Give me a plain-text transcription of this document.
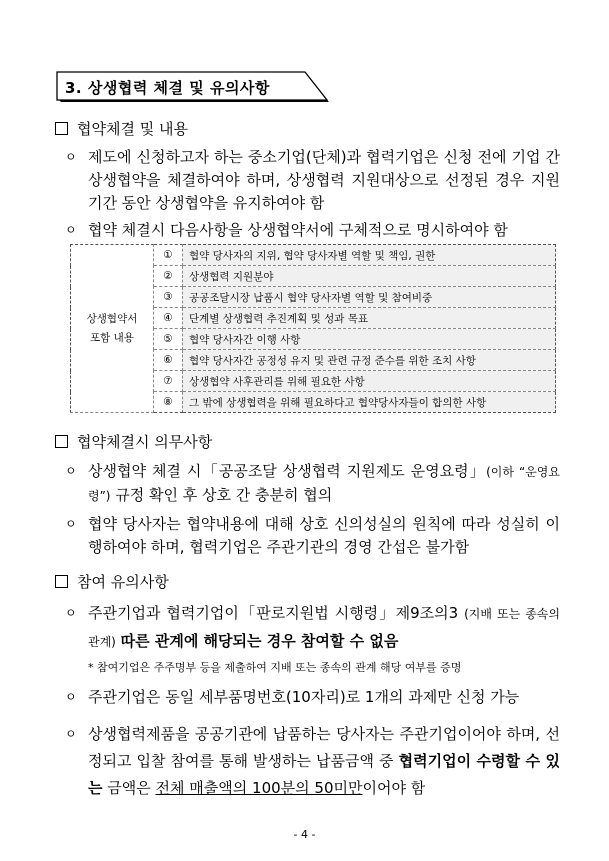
3. 상생협력 체결 및 유의사항
협약체결 및 내용
ㅇ 제도에 신청하고자 하는 중소기업(단체)과 협력기업은 신청 전에 기업 간 상생협약을 체결하여야 하며, 상생협력 지원대상으로 선정된 경우 지원기간 동안 상생협약을 유지하여야 함
ㅇ 협약 체결시 다음사항을 상생협약서에 구체적으로 명시하여야 함
상생협약서
포함 내용	①	협약 당사자의 지위, 협약 당사자별 역할 및 책임, 권한
	②	상생협력 지원분야
	③	공공조달시장 납품시 협약 당사자별 역할 및 참여비중
	④	단계별 상생협력 추진계획 및 성과 목표
	⑤	협약 당사자간 이행 사항
	⑥	협약 당사자간 공정성 유지 및 관련 규정 준수를 위한 조치 사항
	⑦	상생협약 사후관리를 위해 필요한 사항
	⑧	그 밖에 상생협력을 위해 필요하다고 협약당사자들이 합의한 사항
협약체결시 의무사항
ㅇ 상생협약 체결 시「공공조달 상생협력 지원제도 운영요령」(이하 “운영요령”) 규정 확인 후 상호 간 충분히 협의
ㅇ 협약 당사자는 협약내용에 대해 상호 신의성실의 원칙에 따라 성실히 이행하여야 하며, 협력기업은 주관기관의 경영 간섭은 불가함
참여 유의사항
ㅇ 주관기업과 협력기업이「판로지원법 시행령」제9조의3 (지배 또는 종속의 관계) 따른 관계에 해당되는 경우 참여할 수 없음
* 참여기업은 주주명부 등을 제출하여 지배 또는 종속의 관계 해당 여부를 증명
ㅇ 주관기업은 동일 세부품명번호(10자리)로 1개의 과제만 신청 가능
ㅇ 상생협력제품을 공공기관에 납품하는 당사자는 주관기업이어야 하며, 선정되고 입찰 참여를 통해 발생하는 납품금액 중 협력기업이 수령할 수 있는 금액은 전체 매출액의 100분의 50미만이어야 함
- 4 -
